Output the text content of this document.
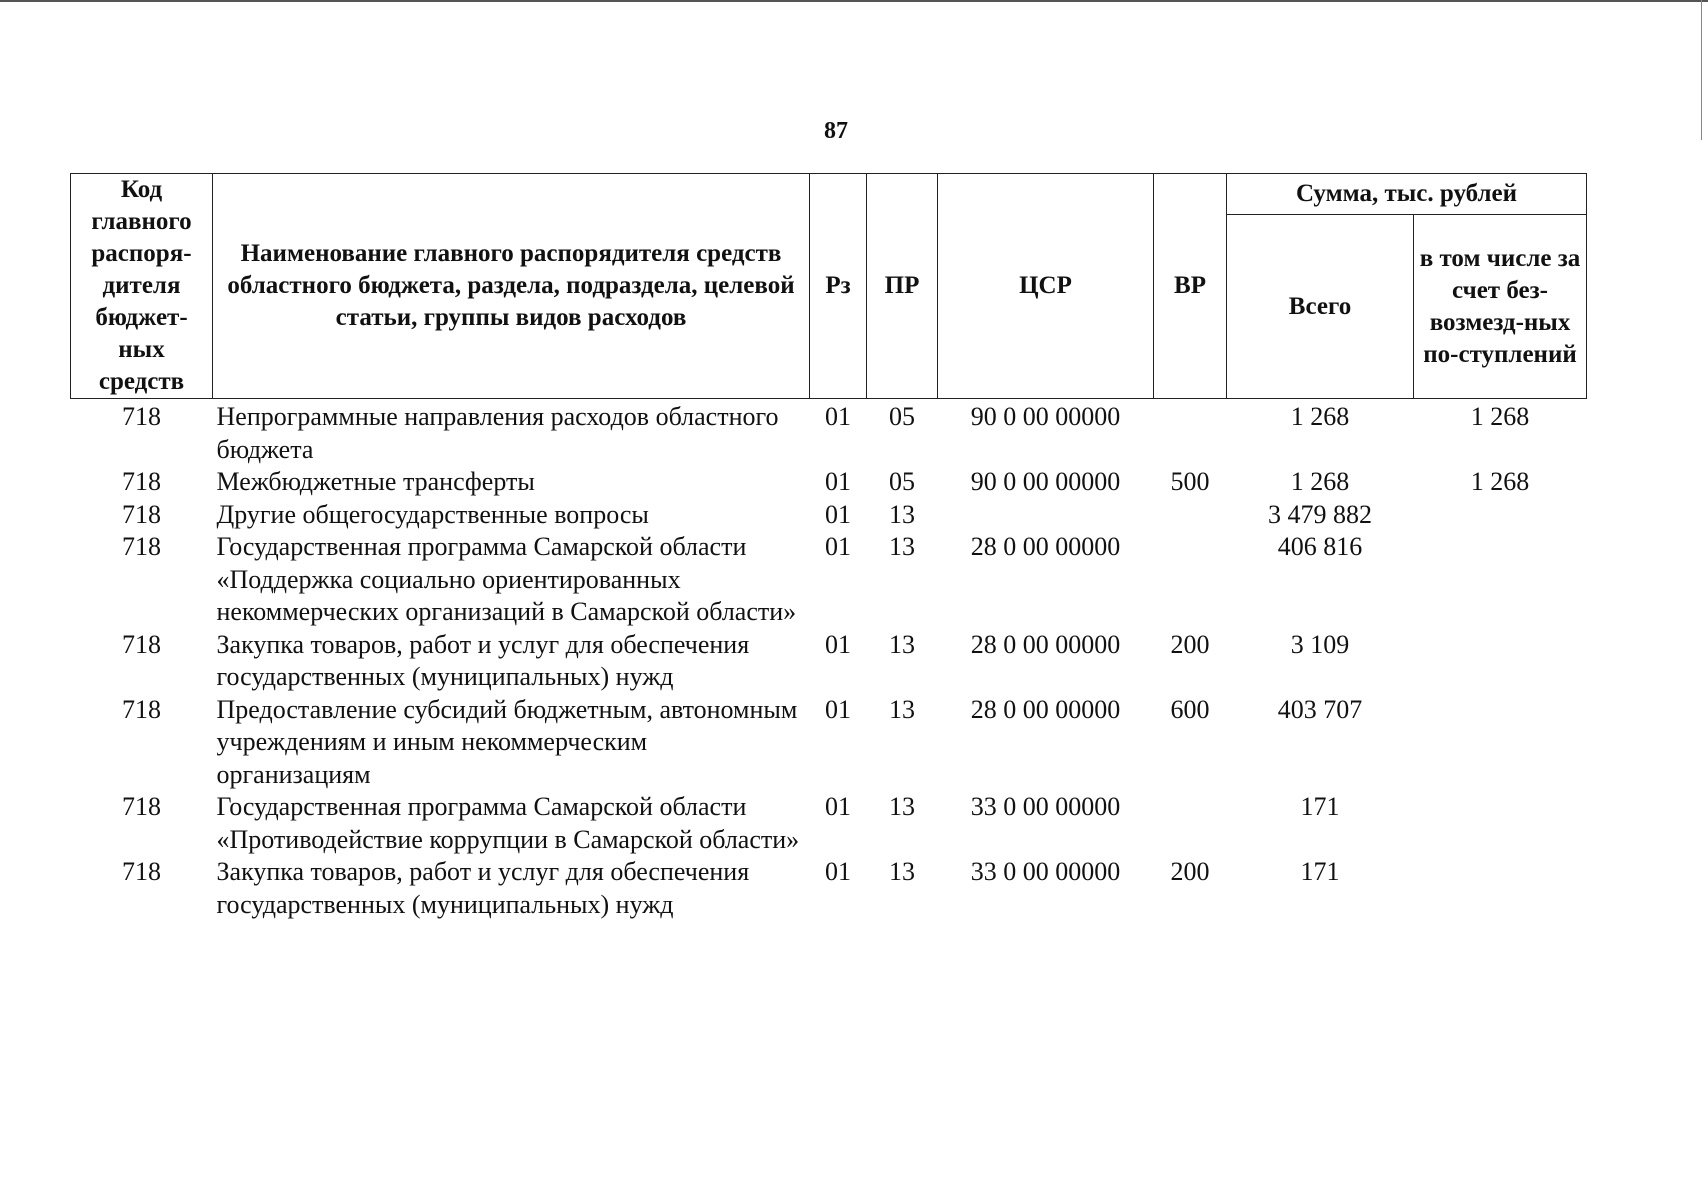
87
Код главного распоря-дителя бюджет-ных средств	Наименование главного распорядителя средств областного бюджета, раздела, подраздела, целевой статьи, группы видов расходов	Рз	ПР	ЦСР	ВР	Сумма, тыс. рублей	
						Всего	в том числе за счет без-возмезд-ных по-ступлений
718	Непрограммные направления расходов областного бюджета	01	05	90 0 00 00000		1 268	1 268
718	Межбюджетные трансферты	01	05	90 0 00 00000	500	1 268	1 268
718	Другие общегосударственные вопросы	01	13			3 479 882	
718	Государственная программа Самарской области «Поддержка социально ориентированных некоммерческих организаций в Самарской области»	01	13	28 0 00 00000		406 816	
718	Закупка товаров, работ и услуг для обеспечения государственных (муниципальных) нужд	01	13	28 0 00 00000	200	3 109	
718	Предоставление субсидий бюджетным, автономным учреждениям и иным некоммерческим организациям	01	13	28 0 00 00000	600	403 707	
718	Государственная программа Самарской области «Противодействие коррупции в Самарской области»	01	13	33 0 00 00000		171	
718	Закупка товаров, работ и услуг для обеспечения государственных (муниципальных) нужд	01	13	33 0 00 00000	200	171	
